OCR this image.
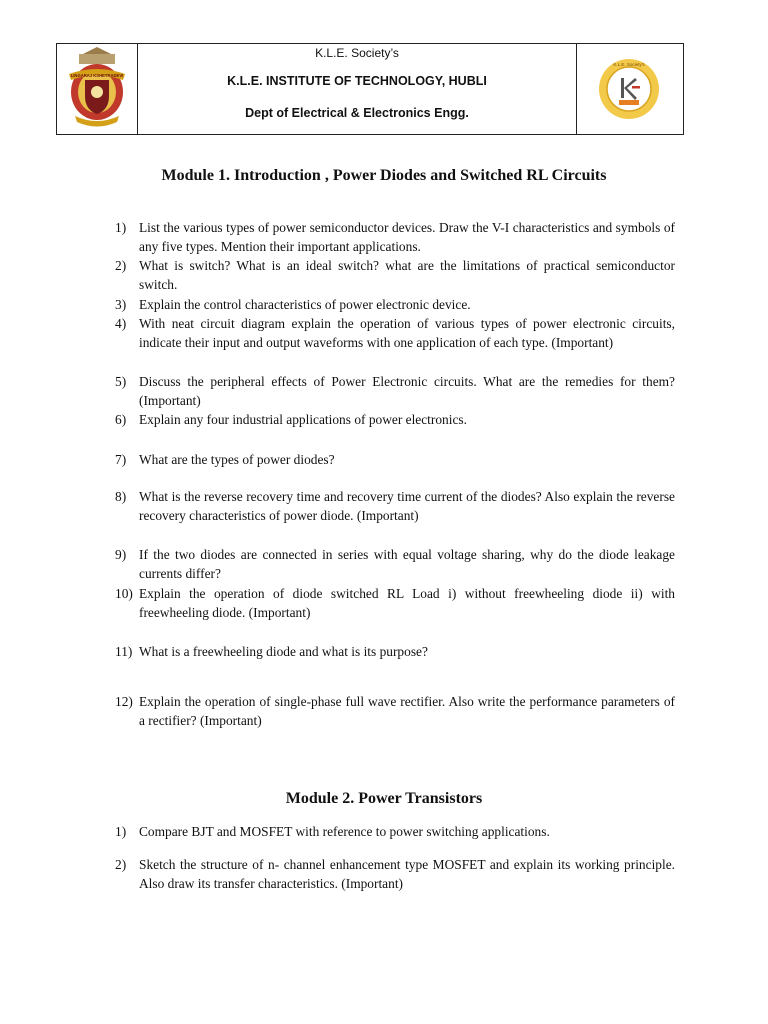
LINGARAJ KSHETRADEVI
K.L.E. Society’s
K.L.E. INSTITUTE OF TECHNOLOGY, HUBLI
Dept of Electrical & Electronics Engg.
K.L.E. Society's
Module 1. Introduction , Power Diodes and Switched RL Circuits
1) List the various types of power semiconductor devices. Draw the V-I characteristics and symbols of any five types. Mention their important applications.
2) What is switch? What is an ideal switch? what are the limitations of practical semiconductor switch.
3) Explain the control characteristics of power electronic device.
4) With neat circuit diagram explain the operation of various types of power electronic circuits, indicate their input and output waveforms with one application of each type. (Important)
5) Discuss the peripheral effects of Power Electronic circuits. What are the remedies for them? (Important)
6) Explain any four industrial applications of power electronics.
7) What are the types of power diodes?
8) What is the reverse recovery time and recovery time current of the diodes? Also explain the reverse recovery characteristics of power diode. (Important)
9) If the two diodes are connected in series with equal voltage sharing, why do the diode leakage currents differ?
10) Explain the operation of diode switched RL Load i) without freewheeling diode ii) with freewheeling diode. (Important)
11) What is a freewheeling diode and what is its purpose?
12) Explain the operation of single-phase full wave rectifier. Also write the performance parameters of a rectifier? (Important)
Module 2. Power Transistors
1) Compare BJT and MOSFET with reference to power switching applications.
2) Sketch the structure of n- channel enhancement type MOSFET and explain its working principle. Also draw its transfer characteristics. (Important)
